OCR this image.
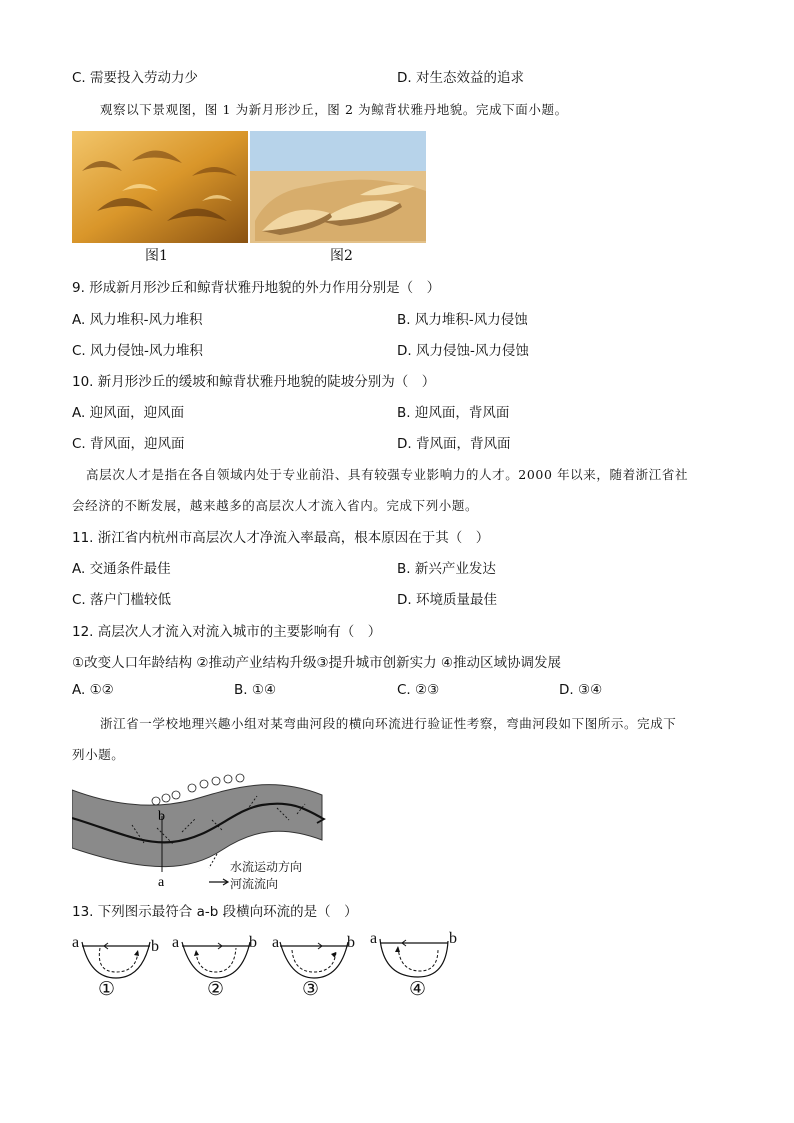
C. 需要投入劳动力少	D. 对生态效益的追求
观察以下景观图，图 1 为新月形沙丘，图 2 为鲸背状雅丹地貌。完成下面小题。
图1	图2
9. 形成新月形沙丘和鲸背状雅丹地貌的外力作用分别是（　）
A. 风力堆积-风力堆积	B. 风力堆积-风力侵蚀
C. 风力侵蚀-风力堆积	D. 风力侵蚀-风力侵蚀
10. 新月形沙丘的缓坡和鲸背状雅丹地貌的陡坡分别为（　）
A. 迎风面，迎风面	B. 迎风面，背风面
C. 背风面，迎风面	D. 背风面，背风面
高层次人才是指在各自领域内处于专业前沿、具有较强专业影响力的人才。2000 年以来，随着浙江省社
会经济的不断发展，越来越多的高层次人才流入省内。完成下列小题。
11. 浙江省内杭州市高层次人才净流入率最高，根本原因在于其（　）
A. 交通条件最佳	B. 新兴产业发达
C. 落户门槛较低	D. 环境质量最佳
12. 高层次人才流入对流入城市的主要影响有（　）
①改变人口年龄结构 ②推动产业结构升级③提升城市创新实力 ④推动区域协调发展
A. ①②	B. ①④	C. ②③	D. ③④
浙江省一学校地理兴趣小组对某弯曲河段的横向环流进行验证性考察，弯曲河段如下图所示。完成下
列小题。
b
a
水流运动方向
河流流向
13. 下列图示最符合 a-b 段横向环流的是（　）
a	b
①
a	b
②
a	b
③
a	b
④
